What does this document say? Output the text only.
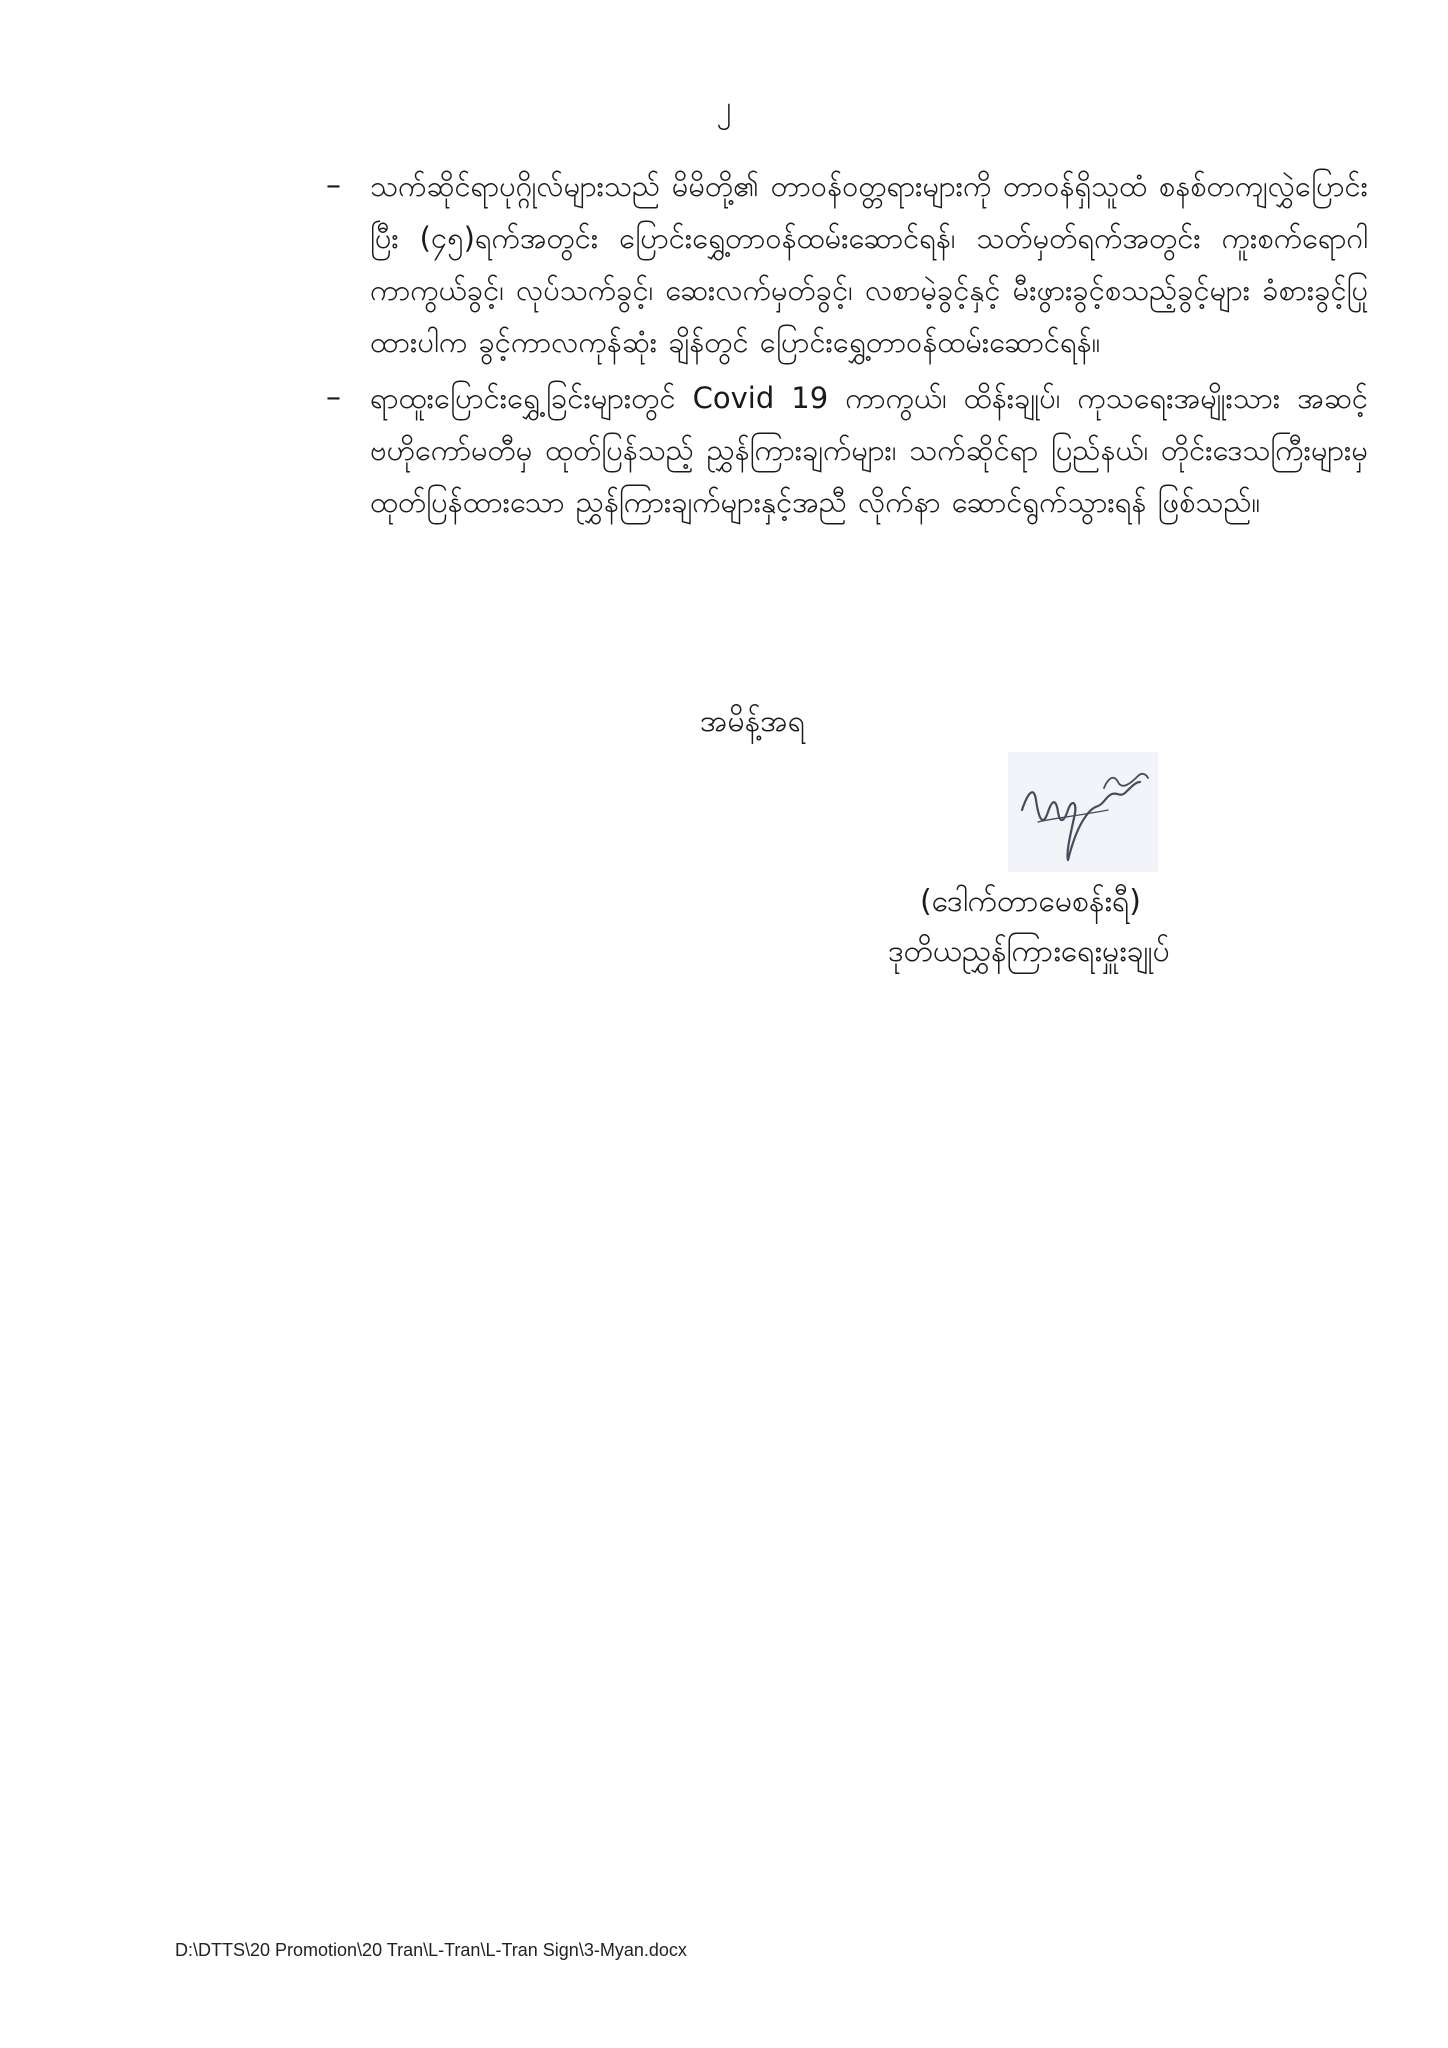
၂
– သက်ဆိုင်ရာပုဂ္ဂိုလ်များသည် မိမိတို့၏ တာဝန်ဝတ္တရားများကို တာဝန်ရှိသူထံ စနစ်တကျလွှဲပြောင်းပြီး (၄၅)ရက်အတွင်း ပြောင်းရွှေ့တာဝန်ထမ်းဆောင်ရန်၊ သတ်မှတ်ရက်အတွင်း ကူးစက်ရောဂါကာကွယ်ခွင့်၊ လုပ်သက်ခွင့်၊ ဆေးလက်မှတ်ခွင့်၊ လစာမဲ့ခွင့်နှင့် မီးဖွားခွင့်စသည့်ခွင့်များ ခံစားခွင့်ပြုထားပါက ခွင့်ကာလကုန်ဆုံး ချိန်တွင် ပြောင်းရွှေ့တာဝန်ထမ်းဆောင်ရန်။
– ရာထူးပြောင်းရွှေ့ခြင်းများတွင် Covid 19 ကာကွယ်၊ ထိန်းချုပ်၊ ကုသရေးအမျိုးသား အဆင့်ဗဟိုကော်မတီမှ ထုတ်ပြန်သည့် ညွှန်ကြားချက်များ၊ သက်ဆိုင်ရာ ပြည်နယ်၊ တိုင်းဒေသကြီးများမှ ထုတ်ပြန်ထားသော ညွှန်ကြားချက်များနှင့်အညီ လိုက်နာ ဆောင်ရွက်သွားရန် ဖြစ်သည်။
အမိန့်အရ
(ဒေါက်တာမေစန်းရီ)
ဒုတိယညွှန်ကြားရေးမှူးချုပ်
D:\DTTS\20 Promotion\20 Tran\L-Tran\L-Tran Sign\3-Myan.docx
